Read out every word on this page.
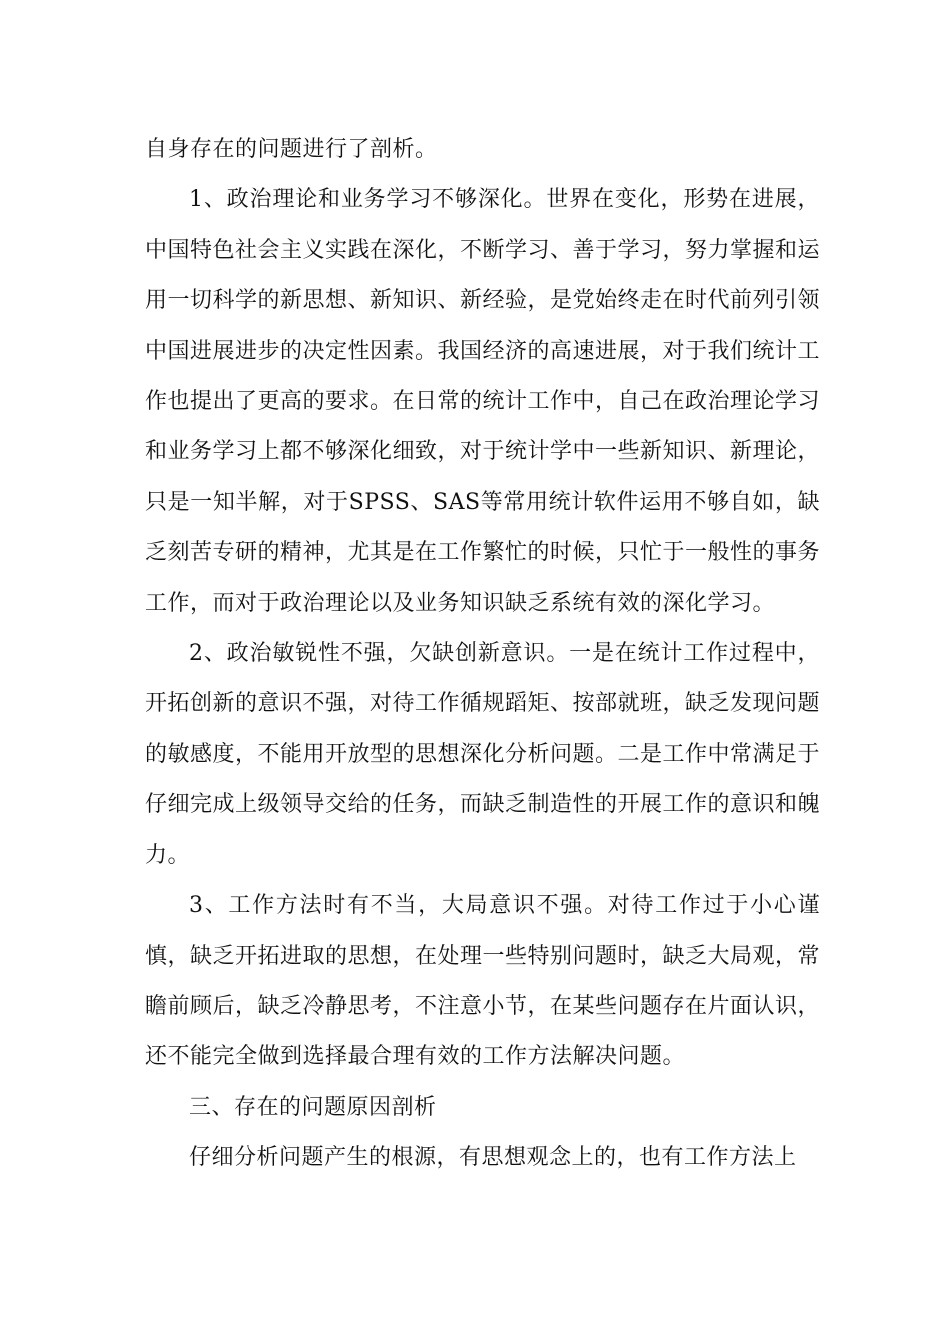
自身存在的问题进行了剖析。

1、政治理论和业务学习不够深化。世界在变化，形势在进展，中国特色社会主义实践在深化，不断学习、善于学习，努力掌握和运用一切科学的新思想、新知识、新经验，是党始终走在时代前列引领中国进展进步的决定性因素。我国经济的高速进展，对于我们统计工作也提出了更高的要求。在日常的统计工作中，自己在政治理论学习和业务学习上都不够深化细致，对于统计学中一些新知识、新理论，只是一知半解，对于SPSS、SAS等常用统计软件运用不够自如，缺乏刻苦专研的精神，尤其是在工作繁忙的时候，只忙于一般性的事务工作，而对于政治理论以及业务知识缺乏系统有效的深化学习。

2、政治敏锐性不强，欠缺创新意识。一是在统计工作过程中，开拓创新的意识不强，对待工作循规蹈矩、按部就班，缺乏发现问题的敏感度，不能用开放型的思想深化分析问题。二是工作中常满足于仔细完成上级领导交给的任务，而缺乏制造性的开展工作的意识和魄力。

3、工作方法时有不当，大局意识不强。对待工作过于小心谨慎，缺乏开拓进取的思想，在处理一些特别问题时，缺乏大局观，常瞻前顾后，缺乏冷静思考，不注意小节，在某些问题存在片面认识，还不能完全做到选择最合理有效的工作方法解决问题。

三、存在的问题原因剖析

仔细分析问题产生的根源，有思想观念上的，也有工作方法上
